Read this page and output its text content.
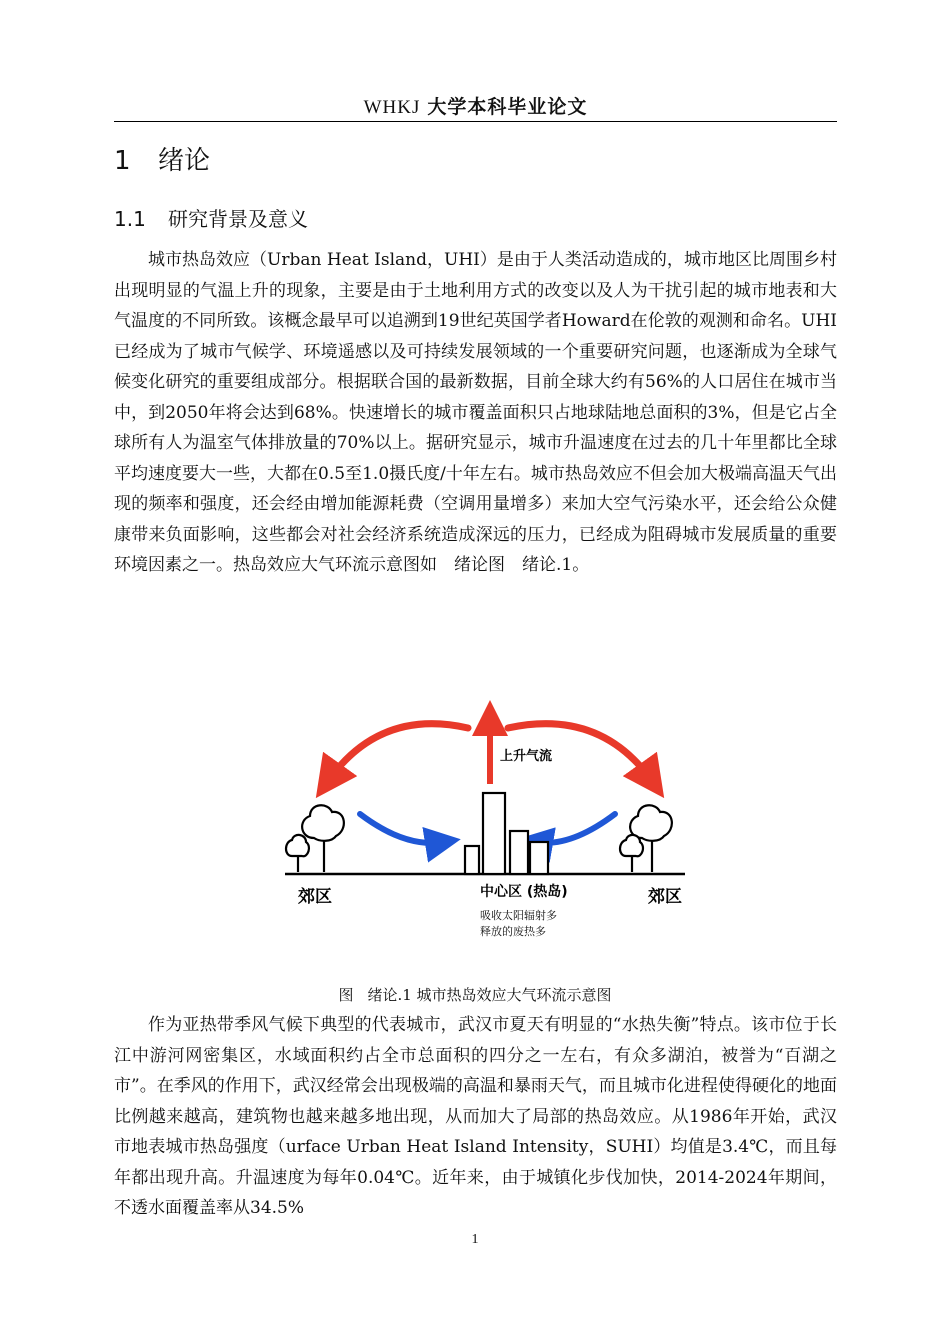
WHKJ 大学本科毕业论文
1 绪论
1.1 研究背景及意义
城市热岛效应（Urban Heat Island，UHI）是由于人类活动造成的，城市地区比周围乡村出现明显的气温上升的现象，主要是由于土地利用方式的改变以及人为干扰引起的城市地表和大气温度的不同所致。该概念最早可以追溯到19世纪英国学者Howard在伦敦的观测和命名。UHI已经成为了城市气候学、环境遥感以及可持续发展领域的一个重要研究问题，也逐渐成为全球气候变化研究的重要组成部分。根据联合国的最新数据，目前全球大约有56%的人口居住在城市当中，到2050年将会达到68%。快速增长的城市覆盖面积只占地球陆地总面积的3%，但是它占全球所有人为温室气体排放量的70%以上。据研究显示，城市升温速度在过去的几十年里都比全球平均速度要大一些，大都在0.5至1.0摄氏度/十年左右。城市热岛效应不但会加大极端高温天气出现的频率和强度，还会经由增加能源耗费（空调用量增多）来加大空气污染水平，还会给公众健康带来负面影响，这些都会对社会经济系统造成深远的压力，已经成为阻碍城市发展质量的重要环境因素之一。热岛效应大气环流示意图如　绪论图　绪论.1。
上升气流
郊区	郊区
中心区 (热岛)
吸收太阳辐射多
释放的废热多
图 绪论.1 城市热岛效应大气环流示意图
作为亚热带季风气候下典型的代表城市，武汉市夏天有明显的“水热失衡”特点。该市位于长江中游河网密集区，水域面积约占全市总面积的四分之一左右，有众多湖泊，被誉为“百湖之市”。在季风的作用下，武汉经常会出现极端的高温和暴雨天气，而且城市化进程使得硬化的地面比例越来越高，建筑物也越来越多地出现，从而加大了局部的热岛效应。从1986年开始，武汉市地表城市热岛强度（urface Urban Heat Island Intensity，SUHI）均值是3.4℃，而且每年都出现升高。升温速度为每年0.04℃。近年来，由于城镇化步伐加快，2014-2024年期间，不透水面覆盖率从34.5%
1
